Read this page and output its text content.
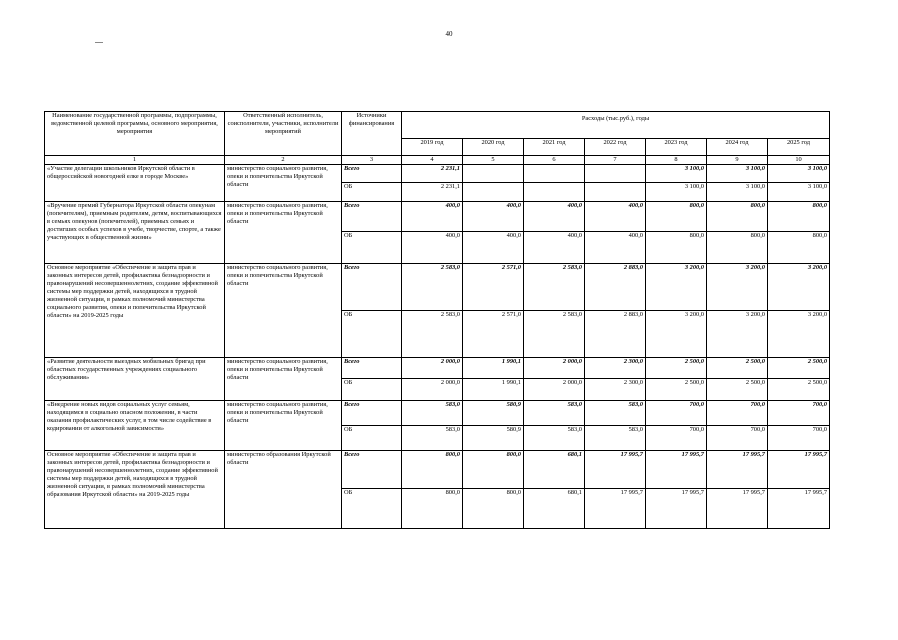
40
Наименование государственной программы, подпрограммы, ведомственной целевой программы, основного мероприятия, мероприятия	Ответственный исполнитель, соисполнители, участники, исполнители мероприятий	Источники финансирования	Расходы (тыс.руб.), годы						
			2019 год	2020 год	2021 год	2022 год	2023 год	2024 год	2025 год
1	2	3	4	5	6	7	8	9	10
«Участие делегации школьников Иркутской области в общероссийской новогодней елке в городе Москве»	министерство социального развития, опеки и попечительства Иркутской области	Всего	2 231,1				3 100,0	3 100,0	3 100,0
		ОБ	2 231,1				3 100,0	3 100,0	3 100,0
«Вручение премий Губернатора Иркутской области опекунам (попечителям), приемным родителям, детям, воспитывающихся в семьях опекунов (попечителей), приемных семьях и достигших особых успехов в учебе, творчестве, спорте, а также участвующих в общественной жизни»	министерство социального развития, опеки и попечительства Иркутской области	Всего	400,0	400,0	400,0	400,0	800,0	800,0	800,0
		ОБ	400,0	400,0	400,0	400,0	800,0	800,0	800,0
Основное мероприятие «Обеспечение и защита прав и законных интересов детей, профилактика безнадзорности и правонарушений несовершеннолетних, создание эффективной системы мер поддержки детей, находящихся в трудной жизненной ситуации, в рамках полномочий министерства социального развития, опеки и попечительства Иркутской области» на 2019-2025 годы	министерство социального развития, опеки и попечительства Иркутской области	Всего	2 583,0	2 571,0	2 583,0	2 883,0	3 200,0	3 200,0	3 200,0
		ОБ	2 583,0	2 571,0	2 583,0	2 883,0	3 200,0	3 200,0	3 200,0
«Развитие деятельности выездных мобильных бригад при областных государственных учреждениях социального обслуживания»	министерство социального развития, опеки и попечительства Иркутской области	Всего	2 000,0	1 990,1	2 000,0	2 300,0	2 500,0	2 500,0	2 500,0
		ОБ	2 000,0	1 990,1	2 000,0	2 300,0	2 500,0	2 500,0	2 500,0
«Внедрение новых видов социальных услуг семьям, находящимся в социально опасном положении, в части оказания профилактических услуг, в том числе содействие в кодировании от алкогольной зависимости»	министерство социального развития, опеки и попечительства Иркутской области	Всего	583,0	580,9	583,0	583,0	700,0	700,0	700,0
		ОБ	583,0	580,9	583,0	583,0	700,0	700,0	700,0
Основное мероприятие «Обеспечение и защита прав и законных интересов детей, профилактика безнадзорности и правонарушений несовершеннолетних, создание эффективной системы мер поддержки детей, находящихся в трудной жизненной ситуации, в рамках полномочий министерства образования Иркутской области» на 2019-2025 годы	министерство образования Иркутской области	Всего	800,0	800,0	680,1	17 995,7	17 995,7	17 995,7	17 995,7
		ОБ	800,0	800,0	680,1	17 995,7	17 995,7	17 995,7	17 995,7
